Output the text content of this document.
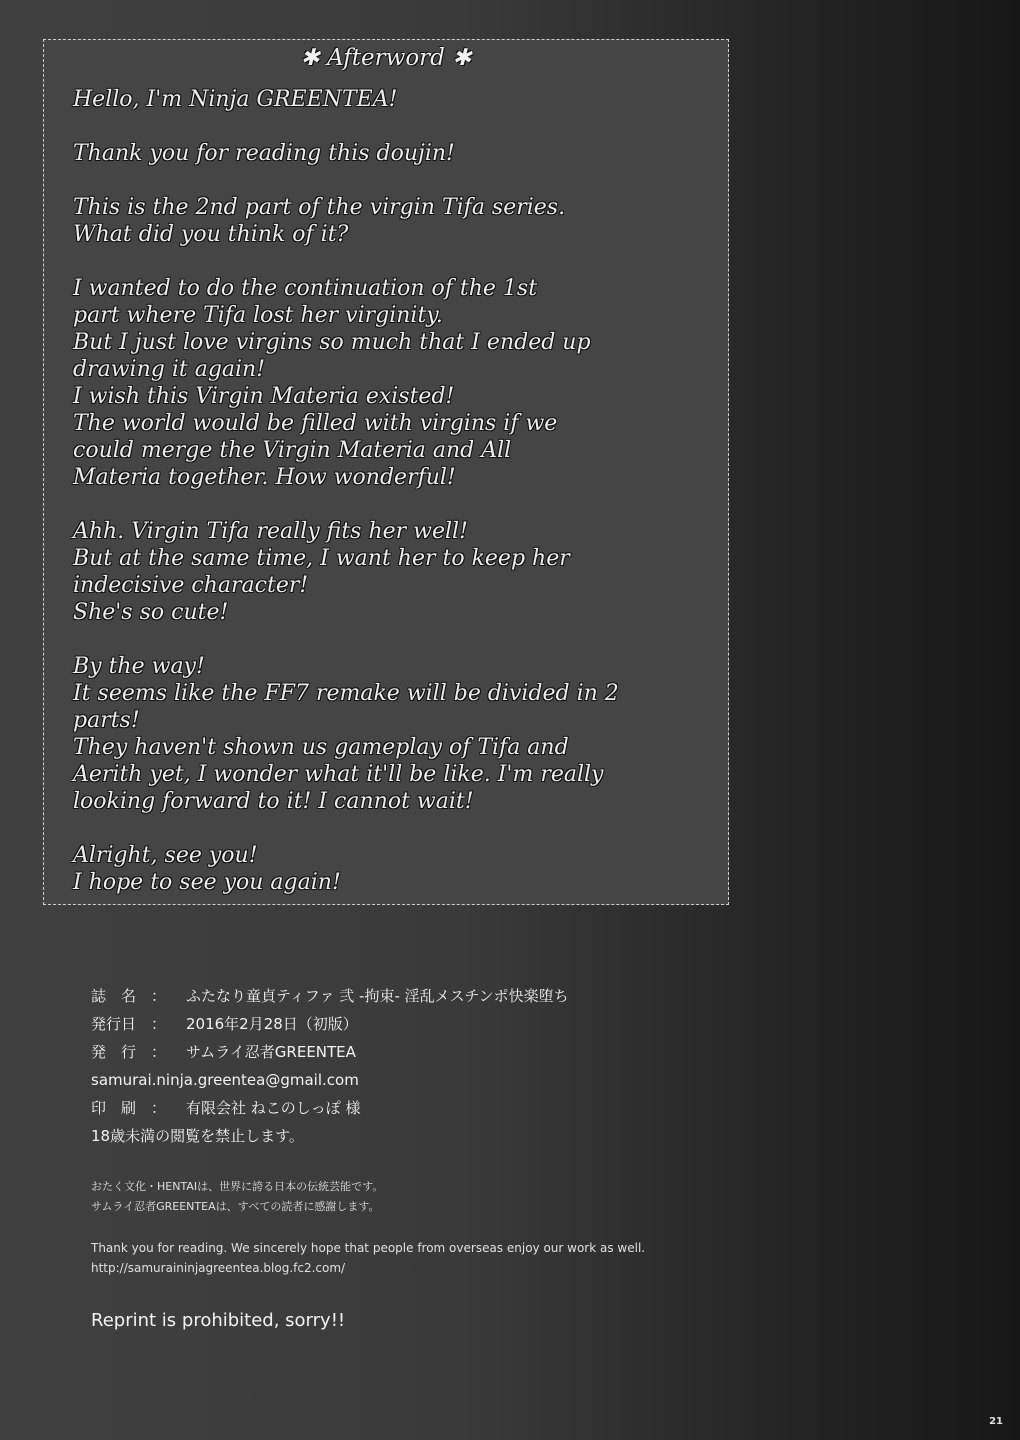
✱ Afterword ✱

Hello, I'm Ninja GREENTEA!

Thank you for reading this doujin!

This is the 2nd part of the virgin Tifa series.
What did you think of it?

I wanted to do the continuation of the 1st
part where Tifa lost her virginity.
But I just love virgins so much that I ended up
drawing it again!
I wish this Virgin Materia existed!
The world would be filled with virgins if we
could merge the Virgin Materia and All
Materia together. How wonderful!

Ahh. Virgin Tifa really fits her well!
But at the same time, I want her to keep her
indecisive character!
She's so cute!

By the way!
It seems like the FF7 remake will be divided in 2
parts!
They haven't shown us gameplay of Tifa and
Aerith yet, I wonder what it'll be like. I'm really
looking forward to it! I cannot wait!

Alright, see you!
I hope to see you again!

誌　名　：	ふたなり童貞ティファ 弐 -拘束- 淫乱メスチンポ快楽堕ち
発行日　：	2016年2月28日（初版）
発　行　：	サムライ忍者GREENTEA
samurai.ninja.greentea@gmail.com
印　刷　：	有限会社 ねこのしっぽ 様
18歳未満の閲覧を禁止します。
おたく文化・HENTAIは、世界に誇る日本の伝統芸能です。
サムライ忍者GREENTEAは、すべての読者に感謝します。
Thank you for reading. We sincerely hope that people from overseas enjoy our work as well.
http://samuraininjagreentea.blog.fc2.com/
Reprint is prohibited, sorry!!
21
